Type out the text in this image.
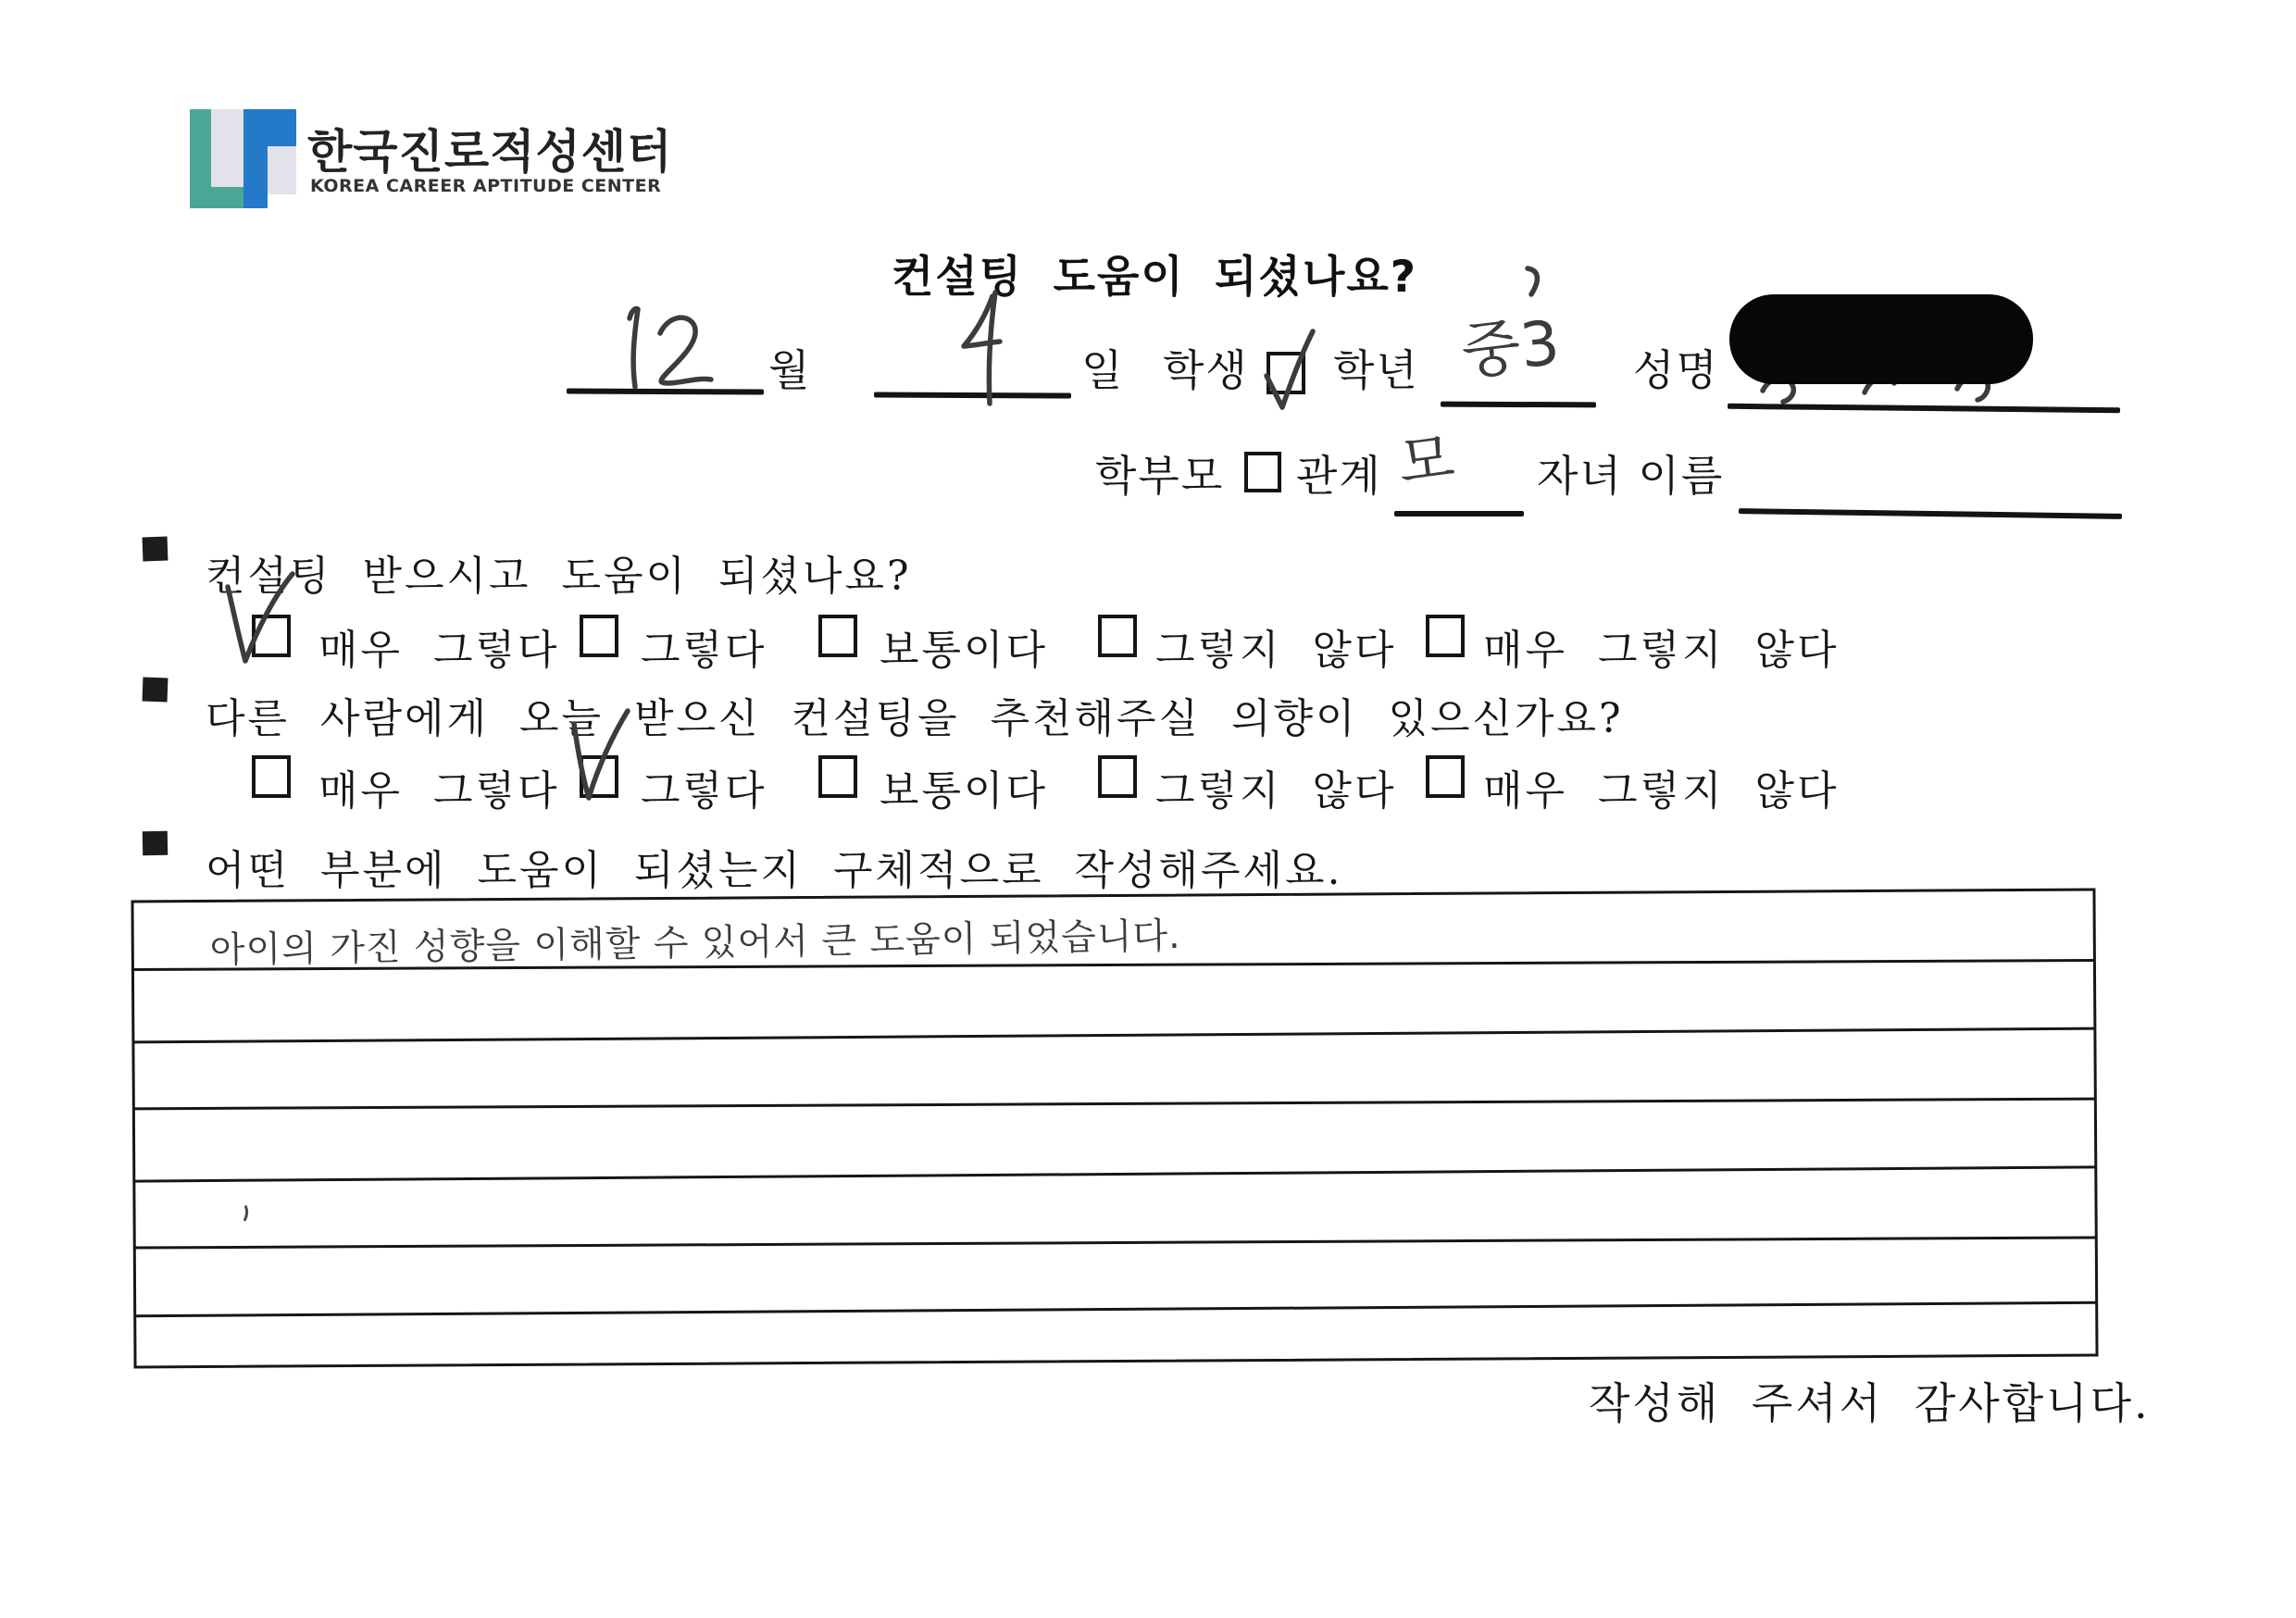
한국진로적성센터
KOREA CAREER APTITUDE CENTER
컨설팅 도움이 되셨나요?
월	일 학생 학년 중3 성명
학부모 관계 모 자녀 이름
컨설팅 받으시고 도움이 되셨나요?
매우 그렇다 그렇다	보통이다	그렇지 않다 매우 그렇지 않다
다른 사람에게 오늘 받으신 컨설팅을 추천해주실 의향이 있으신가요?
매우 그렇다 그렇다	보통이다	그렇지 않다 매우 그렇지 않다
어떤 부분에 도움이 되셨는지 구체적으로 작성해주세요.
아이의 가진 성향을 이해할 수 있어서 큰 도움이 되었습니다.
작성해 주셔서 감사합니다.
